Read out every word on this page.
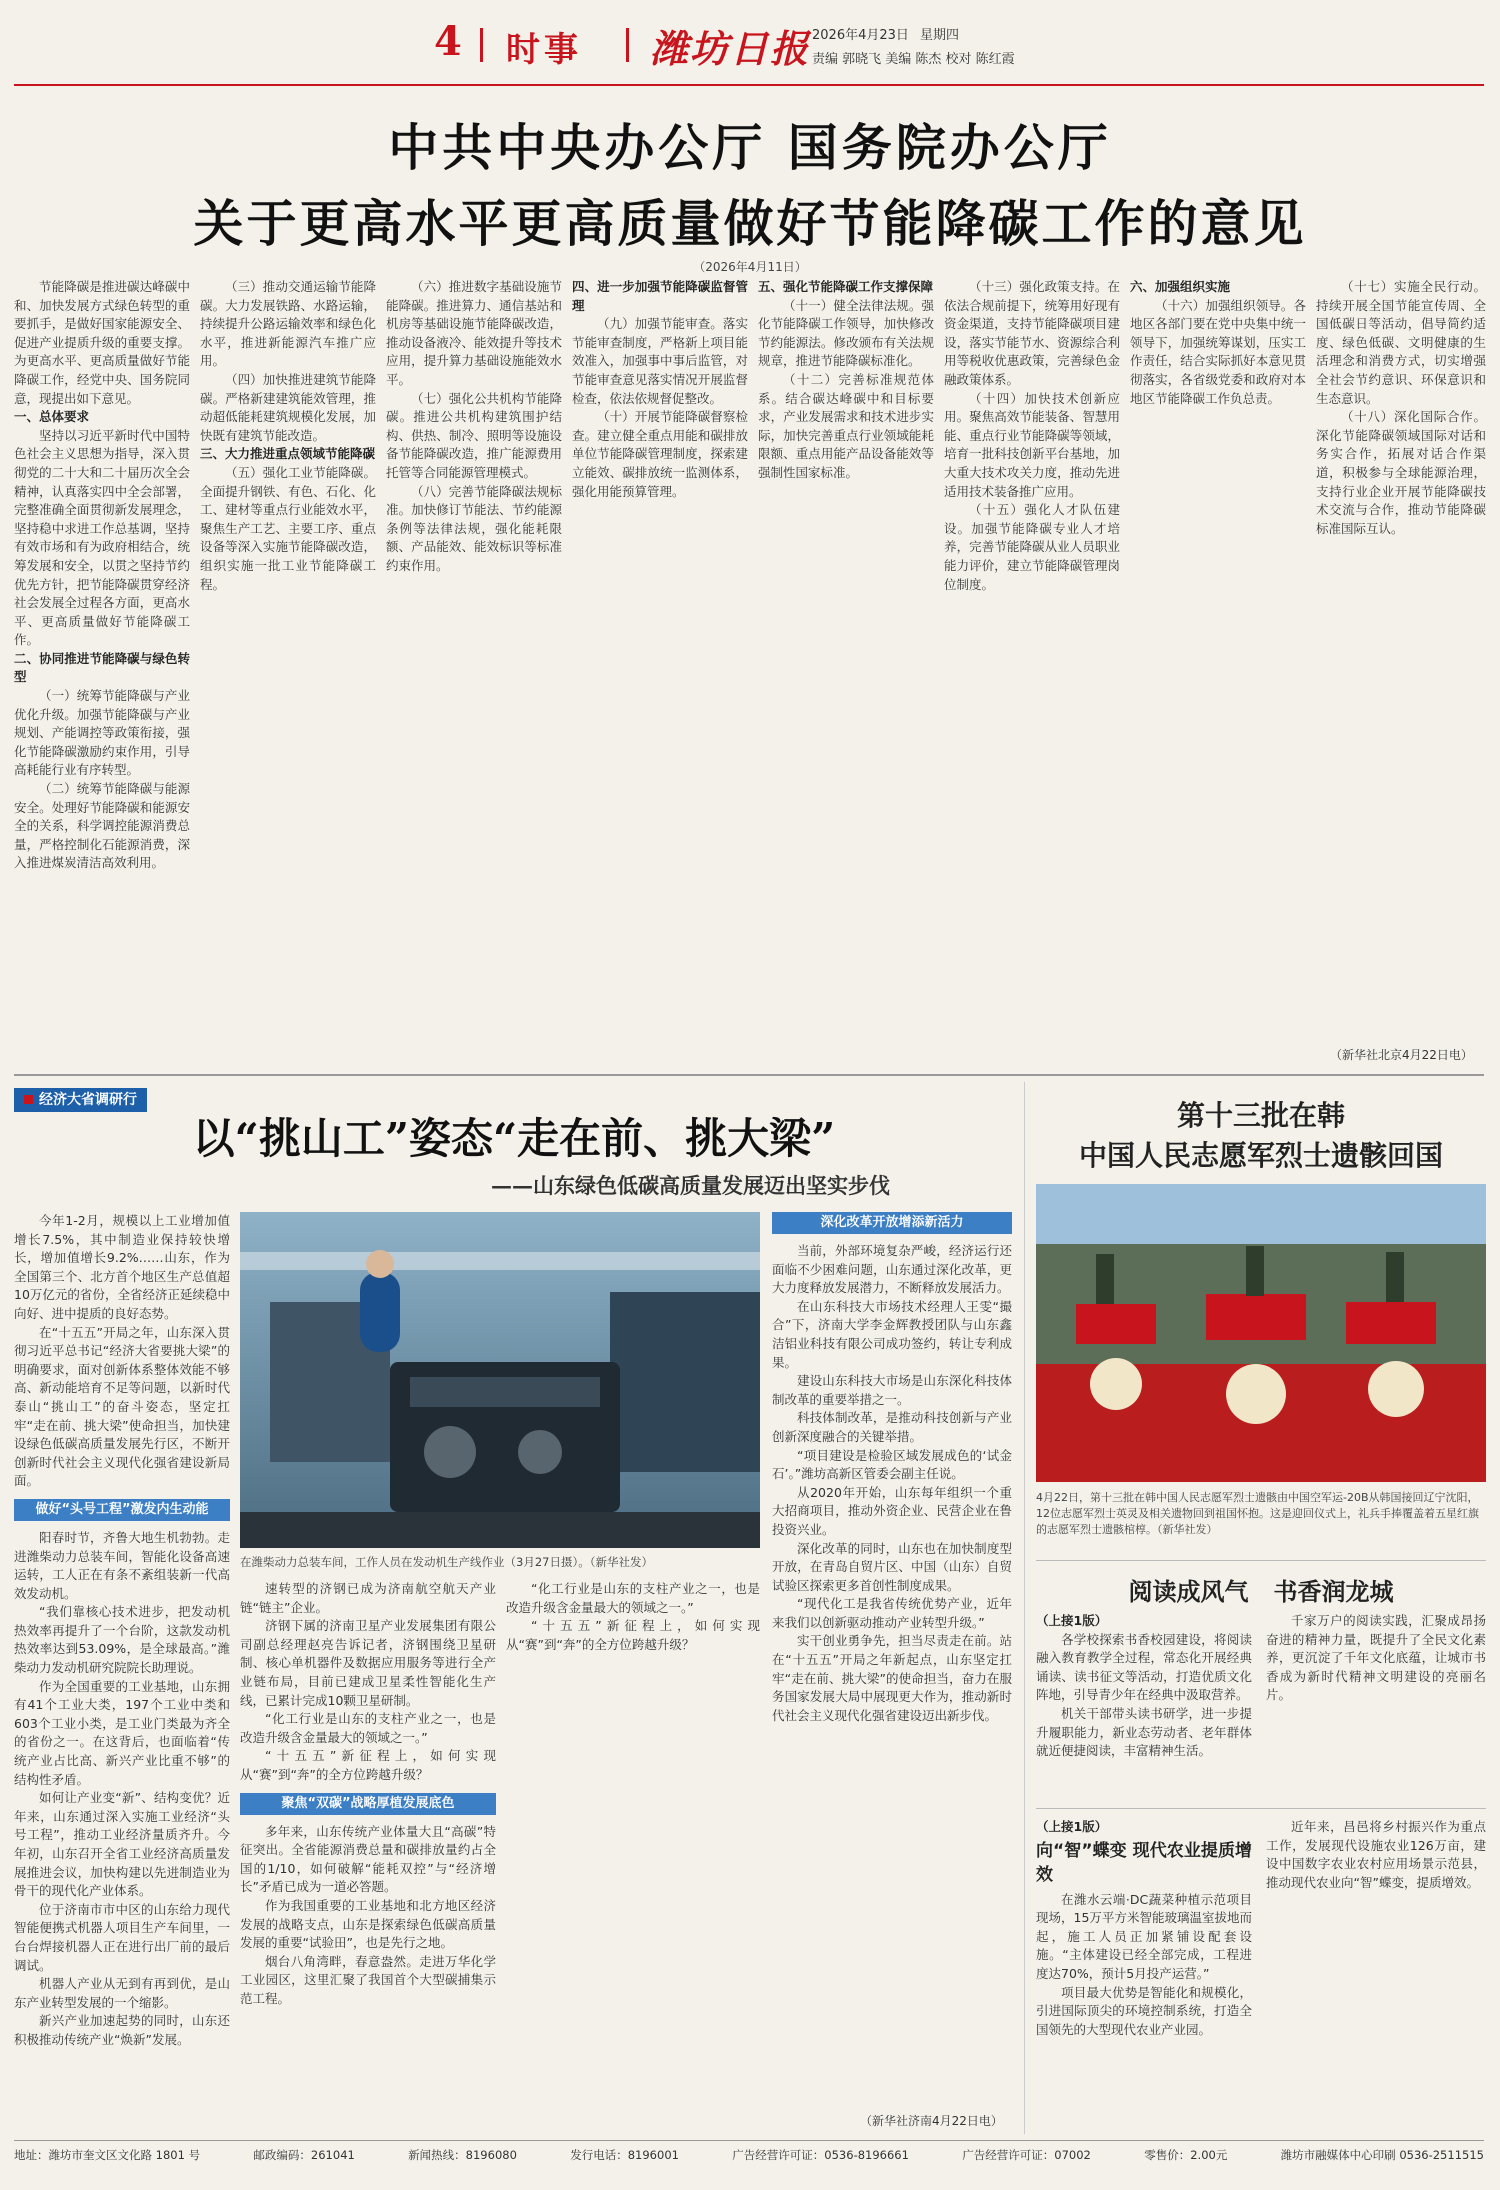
4 时事 潍坊日报 2026年4月23日 星期四
责编 郭晓飞 美编 陈杰 校对 陈红霞
中共中央办公厅 国务院办公厅
关于更高水平更高质量做好节能降碳工作的意见
（2026年4月11日）

节能降碳是推进碳达峰碳中和、加快发展方式绿色转型的重要抓手，是做好国家能源安全、促进产业提质升级的重要支撑。为更高水平、更高质量做好节能降碳工作，经党中央、国务院同意，现提出如下意见。

一、总体要求

坚持以习近平新时代中国特色社会主义思想为指导，深入贯彻党的二十大和二十届历次全会精神，认真落实四中全会部署，完整准确全面贯彻新发展理念，坚持稳中求进工作总基调，坚持有效市场和有为政府相结合，统筹发展和安全，以贯之坚持节约优先方针，把节能降碳贯穿经济社会发展全过程各方面，更高水平、更高质量做好节能降碳工作。

二、协同推进节能降碳与绿色转型

（一）统筹节能降碳与产业优化升级。加强节能降碳与产业规划、产能调控等政策衔接，强化节能降碳激励约束作用，引导高耗能行业有序转型。

（二）统筹节能降碳与能源安全。处理好节能降碳和能源安全的关系，科学调控能源消费总量，严格控制化石能源消费，深入推进煤炭清洁高效利用。

（三）推动交通运输节能降碳。大力发展铁路、水路运输，持续提升公路运输效率和绿色化水平，推进新能源汽车推广应用。

（四）加快推进建筑节能降碳。严格新建建筑能效管理，推动超低能耗建筑规模化发展，加快既有建筑节能改造。

三、大力推进重点领域节能降碳

（五）强化工业节能降碳。全面提升钢铁、有色、石化、化工、建材等重点行业能效水平，聚焦生产工艺、主要工序、重点设备等深入实施节能降碳改造，组织实施一批工业节能降碳工程。

（六）推进数字基础设施节能降碳。推进算力、通信基站和机房等基础设施节能降碳改造，推动设备液冷、能效提升等技术应用，提升算力基础设施能效水平。

（七）强化公共机构节能降碳。推进公共机构建筑围护结构、供热、制冷、照明等设施设备节能降碳改造，推广能源费用托管等合同能源管理模式。

（八）完善节能降碳法规标准。加快修订节能法、节约能源条例等法律法规，强化能耗限额、产品能效、能效标识等标准约束作用。

四、进一步加强节能降碳监督管理

（九）加强节能审查。落实节能审查制度，严格新上项目能效准入，加强事中事后监管，对节能审查意见落实情况开展监督检查，依法依规督促整改。

（十）开展节能降碳督察检查。建立健全重点用能和碳排放单位节能降碳管理制度，探索建立能效、碳排放统一监测体系，强化用能预算管理。

五、强化节能降碳工作支撑保障

（十一）健全法律法规。强化节能降碳工作领导，加快修改节约能源法。修改颁布有关法规规章，推进节能降碳标准化。

（十二）完善标准规范体系。结合碳达峰碳中和目标要求，产业发展需求和技术进步实际，加快完善重点行业领域能耗限额、重点用能产品设备能效等强制性国家标准。

（十三）强化政策支持。在依法合规前提下，统筹用好现有资金渠道，支持节能降碳项目建设，落实节能节水、资源综合利用等税收优惠政策，完善绿色金融政策体系。

（十四）加快技术创新应用。聚焦高效节能装备、智慧用能、重点行业节能降碳等领域，培育一批科技创新平台基地，加大重大技术攻关力度，推动先进适用技术装备推广应用。

（十五）强化人才队伍建设。加强节能降碳专业人才培养，完善节能降碳从业人员职业能力评价，建立节能降碳管理岗位制度。

六、加强组织实施

（十六）加强组织领导。各地区各部门要在党中央集中统一领导下，加强统筹谋划，压实工作责任，结合实际抓好本意见贯彻落实，各省级党委和政府对本地区节能降碳工作负总责。

（十七）实施全民行动。持续开展全国节能宣传周、全国低碳日等活动，倡导简约适度、绿色低碳、文明健康的生活理念和消费方式，切实增强全社会节约意识、环保意识和生态意识。

（十八）深化国际合作。深化节能降碳领域国际对话和务实合作，拓展对话合作渠道，积极参与全球能源治理，支持行业企业开展节能降碳技术交流与合作，推动节能降碳标准国际互认。

（新华社北京4月22日电）
经济大省调研行
以“挑山工”姿态“走在前、挑大梁”
——山东绿色低碳高质量发展迈出坚实步伐

今年1-2月，规模以上工业增加值增长7.5%，其中制造业保持较快增长，增加值增长9.2%……山东，作为全国第三个、北方首个地区生产总值超10万亿元的省份，全省经济正延续稳中向好、进中提质的良好态势。

在“十五五”开局之年，山东深入贯彻习近平总书记“经济大省要挑大梁”的明确要求，面对创新体系整体效能不够高、新动能培育不足等问题，以新时代泰山“挑山工”的奋斗姿态，坚定扛牢“走在前、挑大梁”使命担当，加快建设绿色低碳高质量发展先行区，不断开创新时代社会主义现代化强省建设新局面。

做好“头号工程”激发内生动能

阳春时节，齐鲁大地生机勃勃。走进潍柴动力总装车间，智能化设备高速运转，工人正在有条不紊组装新一代高效发动机。

“我们靠核心技术进步，把发动机热效率再提升了一个台阶，这款发动机热效率达到53.09%，是全球最高。”潍柴动力发动机研究院院长助理说。

作为全国重要的工业基地，山东拥有41个工业大类，197个工业中类和603个工业小类，是工业门类最为齐全的省份之一。在这背后，也面临着“传统产业占比高、新兴产业比重不够”的结构性矛盾。

如何让产业变“新”、结构变优？近年来，山东通过深入实施工业经济“头号工程”，推动工业经济量质齐升。今年初，山东召开全省工业经济高质量发展推进会议，加快构建以先进制造业为骨干的现代化产业体系。

位于济南市市中区的山东给力现代智能便携式机器人项目生产车间里，一台台焊接机器人正在进行出厂前的最后调试。

机器人产业从无到有再到优，是山东产业转型发展的一个缩影。

新兴产业加速起势的同时，山东还积极推动传统产业“焕新”发展。

在潍柴动力总装车间，工作人员在发动机生产线作业（3月27日摄）。（新华社发）

速转型的济钢已成为济南航空航天产业链“链主”企业。

济钢下属的济南卫星产业发展集团有限公司副总经理赵亮告诉记者，济钢围绕卫星研制、核心单机器件及数据应用服务等进行全产业链布局，目前已建成卫星柔性智能化生产线，已累计完成10颗卫星研制。

“化工行业是山东的支柱产业之一，也是改造升级含金量最大的领域之一。”

“十五五”新征程上，如何实现从“赛”到“奔”的全方位跨越升级？

聚焦“双碳”战略厚植发展底色

多年来，山东传统产业体量大且“高碳”特征突出。全省能源消费总量和碳排放量约占全国的1/10，如何破解“能耗双控”与“经济增长”矛盾已成为一道必答题。

作为我国重要的工业基地和北方地区经济发展的战略支点，山东是探索绿色低碳高质量发展的重要“试验田”，也是先行之地。

烟台八角湾畔，春意盎然。走进万华化学工业园区，这里汇聚了我国首个大型碳捕集示范工程。

“化工行业是山东的支柱产业之一，也是改造升级含金量最大的领域之一。”

“十五五”新征程上，如何实现从“赛”到“奔”的全方位跨越升级？

深化改革开放增添新活力

当前，外部环境复杂严峻，经济运行还面临不少困难问题，山东通过深化改革，更大力度释放发展潜力，不断释放发展活力。

在山东科技大市场技术经理人王雯“撮合”下，济南大学李金辉教授团队与山东鑫洁铝业科技有限公司成功签约，转让专利成果。

建设山东科技大市场是山东深化科技体制改革的重要举措之一。

科技体制改革，是推动科技创新与产业创新深度融合的关键举措。

“项目建设是检验区域发展成色的‘试金石’。”潍坊高新区管委会副主任说。

从2020年开始，山东每年组织一个重大招商项目，推动外资企业、民营企业在鲁投资兴业。

深化改革的同时，山东也在加快制度型开放，在青岛自贸片区、中国（山东）自贸试验区探索更多首创性制度成果。

“现代化工是我省传统优势产业，近年来我们以创新驱动推动产业转型升级。”

实干创业勇争先，担当尽责走在前。站在“十五五”开局之年新起点，山东坚定扛牢“走在前、挑大梁”的使命担当，奋力在服务国家发展大局中展现更大作为，推动新时代社会主义现代化强省建设迈出新步伐。

（新华社济南4月22日电）
第十三批在韩
中国人民志愿军烈士遗骸回国
4月22日，第十三批在韩中国人民志愿军烈士遗骸由中国空军运-20B从韩国接回辽宁沈阳，12位志愿军烈士英灵及相关遗物回到祖国怀抱。这是迎回仪式上，礼兵手捧覆盖着五星红旗的志愿军烈士遗骸棺椁。（新华社发）
阅读成风气 书香润龙城

（上接1版）

各学校探索书香校园建设，将阅读融入教育教学全过程，常态化开展经典诵读、读书征文等活动，打造优质文化阵地，引导青少年在经典中汲取营养。

机关干部带头读书研学，进一步提升履职能力，新业态劳动者、老年群体就近便捷阅读，丰富精神生活。

千家万户的阅读实践，汇聚成昂扬奋进的精神力量，既提升了全民文化素养，更沉淀了千年文化底蕴，让城市书香成为新时代精神文明建设的亮丽名片。

（上接1版）

向“智”蝶变 现代农业提质增效

在潍水云端·DC蔬菜种植示范项目现场，15万平方米智能玻璃温室拔地而起，施工人员正加紧铺设配套设施。“主体建设已经全部完成，工程进度达70%，预计5月投产运营。”

项目最大优势是智能化和规模化，引进国际顶尖的环境控制系统，打造全国领先的大型现代农业产业园。

近年来，昌邑将乡村振兴作为重点工作，发展现代设施农业126万亩，建设中国数字农业农村应用场景示范县，推动现代农业向“智”蝶变，提质增效。

地址：潍坊市奎文区文化路 1801 号	邮政编码：261041	新闻热线：8196080	发行电话：8196001	广告经营许可证：0536-8196661	广告经营许可证：07002	零售价：2.00元	潍坊市融媒体中心印刷 0536-2511515
